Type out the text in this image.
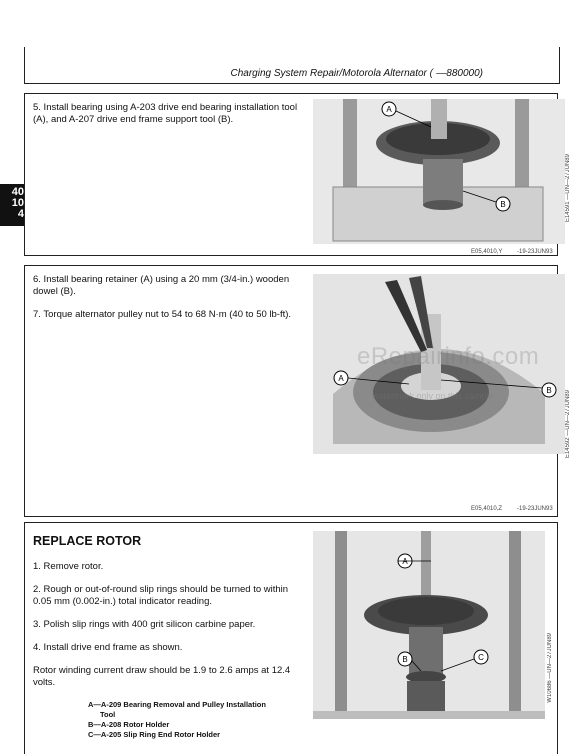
Charging System Repair/Motorola Alternator ( —880000)
40
10
4

5. Install bearing using A-203 drive end bearing installation tool (A), and A-207 drive end frame support tool (B).

A
B	E14591 —UN—27JUN89
E05,4010,Y -19-23JUN93

6. Install bearing retainer (A) using a 20 mm (3/4-in.) wooden dowel (B).

7. Torque alternator pulley nut to 54 to 68 N·m (40 to 50 lb-ft).

A
B E14592 —UN—27JUN89
E05,4010,Z -19-23JUN93
eRepairinfo.com
watermark only on this sample
REPLACE ROTOR

1. Remove rotor.

2. Rough or out-of-round slip rings should be turned to within 0.05 mm (0.002-in.) total indicator reading.

3. Polish slip rings with 400 grit silicon carbine paper.

4. Install drive end frame as shown.

Rotor winding current draw should be 1.9 to 2.6 amps at 12.4 volts.

A—A-209 Bearing Removal and Pulley Installation
Tool
B—A-208 Rotor Holder
C—A-205 Slip Ring End Rotor Holder
A
B	C	W10686 —UN—27JUN89
